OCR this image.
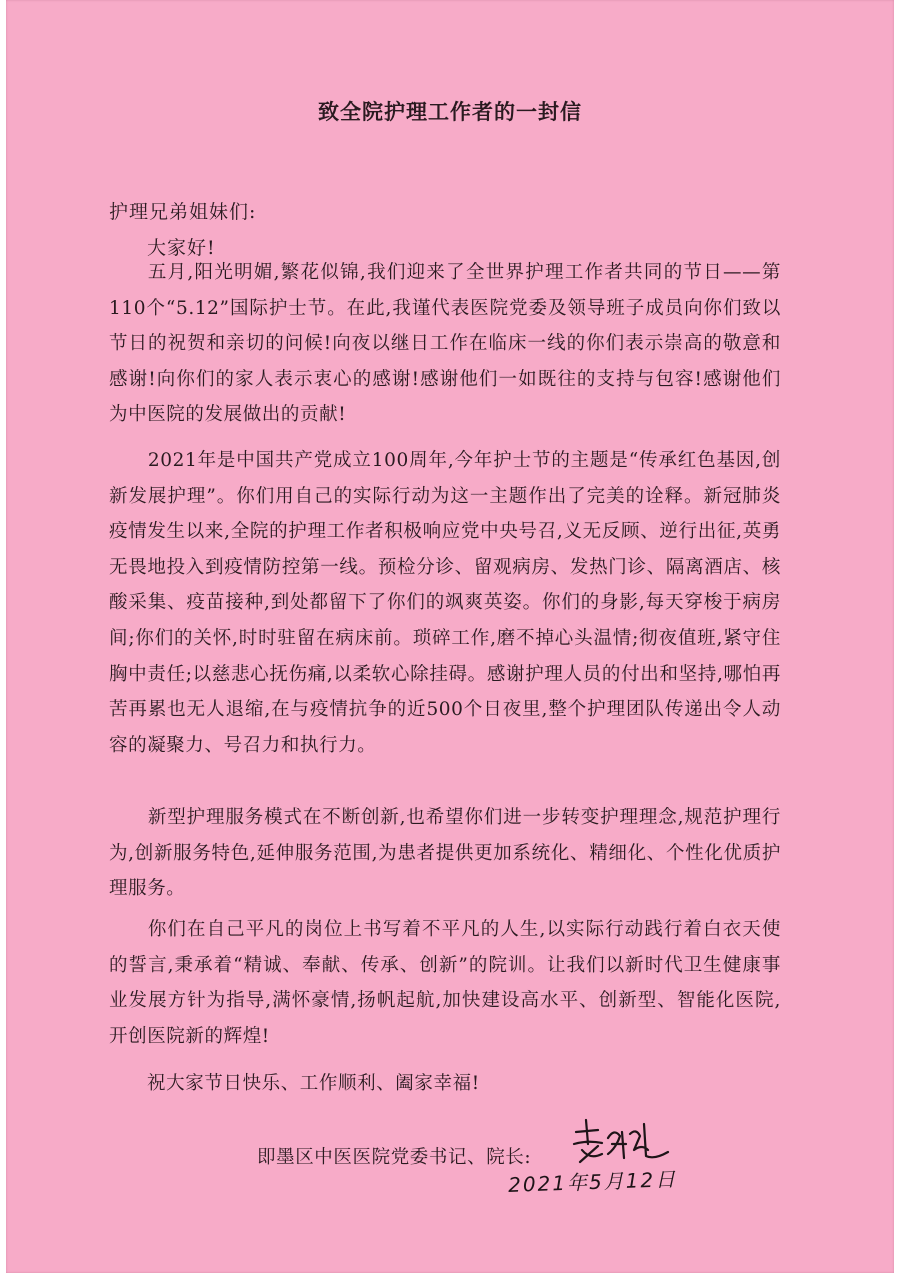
致全院护理工作者的一封信
护理兄弟姐妹们:
大家好!
五月,阳光明媚,繁花似锦,我们迎来了全世界护理工作者共同的节日——第110个“5.12”国际护士节。在此,我谨代表医院党委及领导班子成员向你们致以节日的祝贺和亲切的问候!向夜以继日工作在临床一线的你们表示崇高的敬意和感谢!向你们的家人表示衷心的感谢!感谢他们一如既往的支持与包容!感谢他们为中医院的发展做出的贡献!
2021年是中国共产党成立100周年,今年护士节的主题是“传承红色基因,创新发展护理”。你们用自己的实际行动为这一主题作出了完美的诠释。新冠肺炎疫情发生以来,全院的护理工作者积极响应党中央号召,义无反顾、逆行出征,英勇无畏地投入到疫情防控第一线。预检分诊、留观病房、发热门诊、隔离酒店、核酸采集、疫苗接种,到处都留下了你们的飒爽英姿。你们的身影,每天穿梭于病房间;你们的关怀,时时驻留在病床前。琐碎工作,磨不掉心头温情;彻夜值班,紧守住胸中责任;以慈悲心抚伤痛,以柔软心除挂碍。感谢护理人员的付出和坚持,哪怕再苦再累也无人退缩,在与疫情抗争的近500个日夜里,整个护理团队传递出令人动容的凝聚力、号召力和执行力。
新型护理服务模式在不断创新,也希望你们进一步转变护理理念,规范护理行为,创新服务特色,延伸服务范围,为患者提供更加系统化、精细化、个性化优质护理服务。
你们在自己平凡的岗位上书写着不平凡的人生,以实际行动践行着白衣天使的誓言,秉承着“精诚、奉献、传承、创新”的院训。让我们以新时代卫生健康事业发展方针为指导,满怀豪情,扬帆起航,加快建设高水平、创新型、智能化医院,开创医院新的辉煌!
祝大家节日快乐、工作顺利、阖家幸福!
即墨区中医医院党委书记、院长:
2021年5月12日
